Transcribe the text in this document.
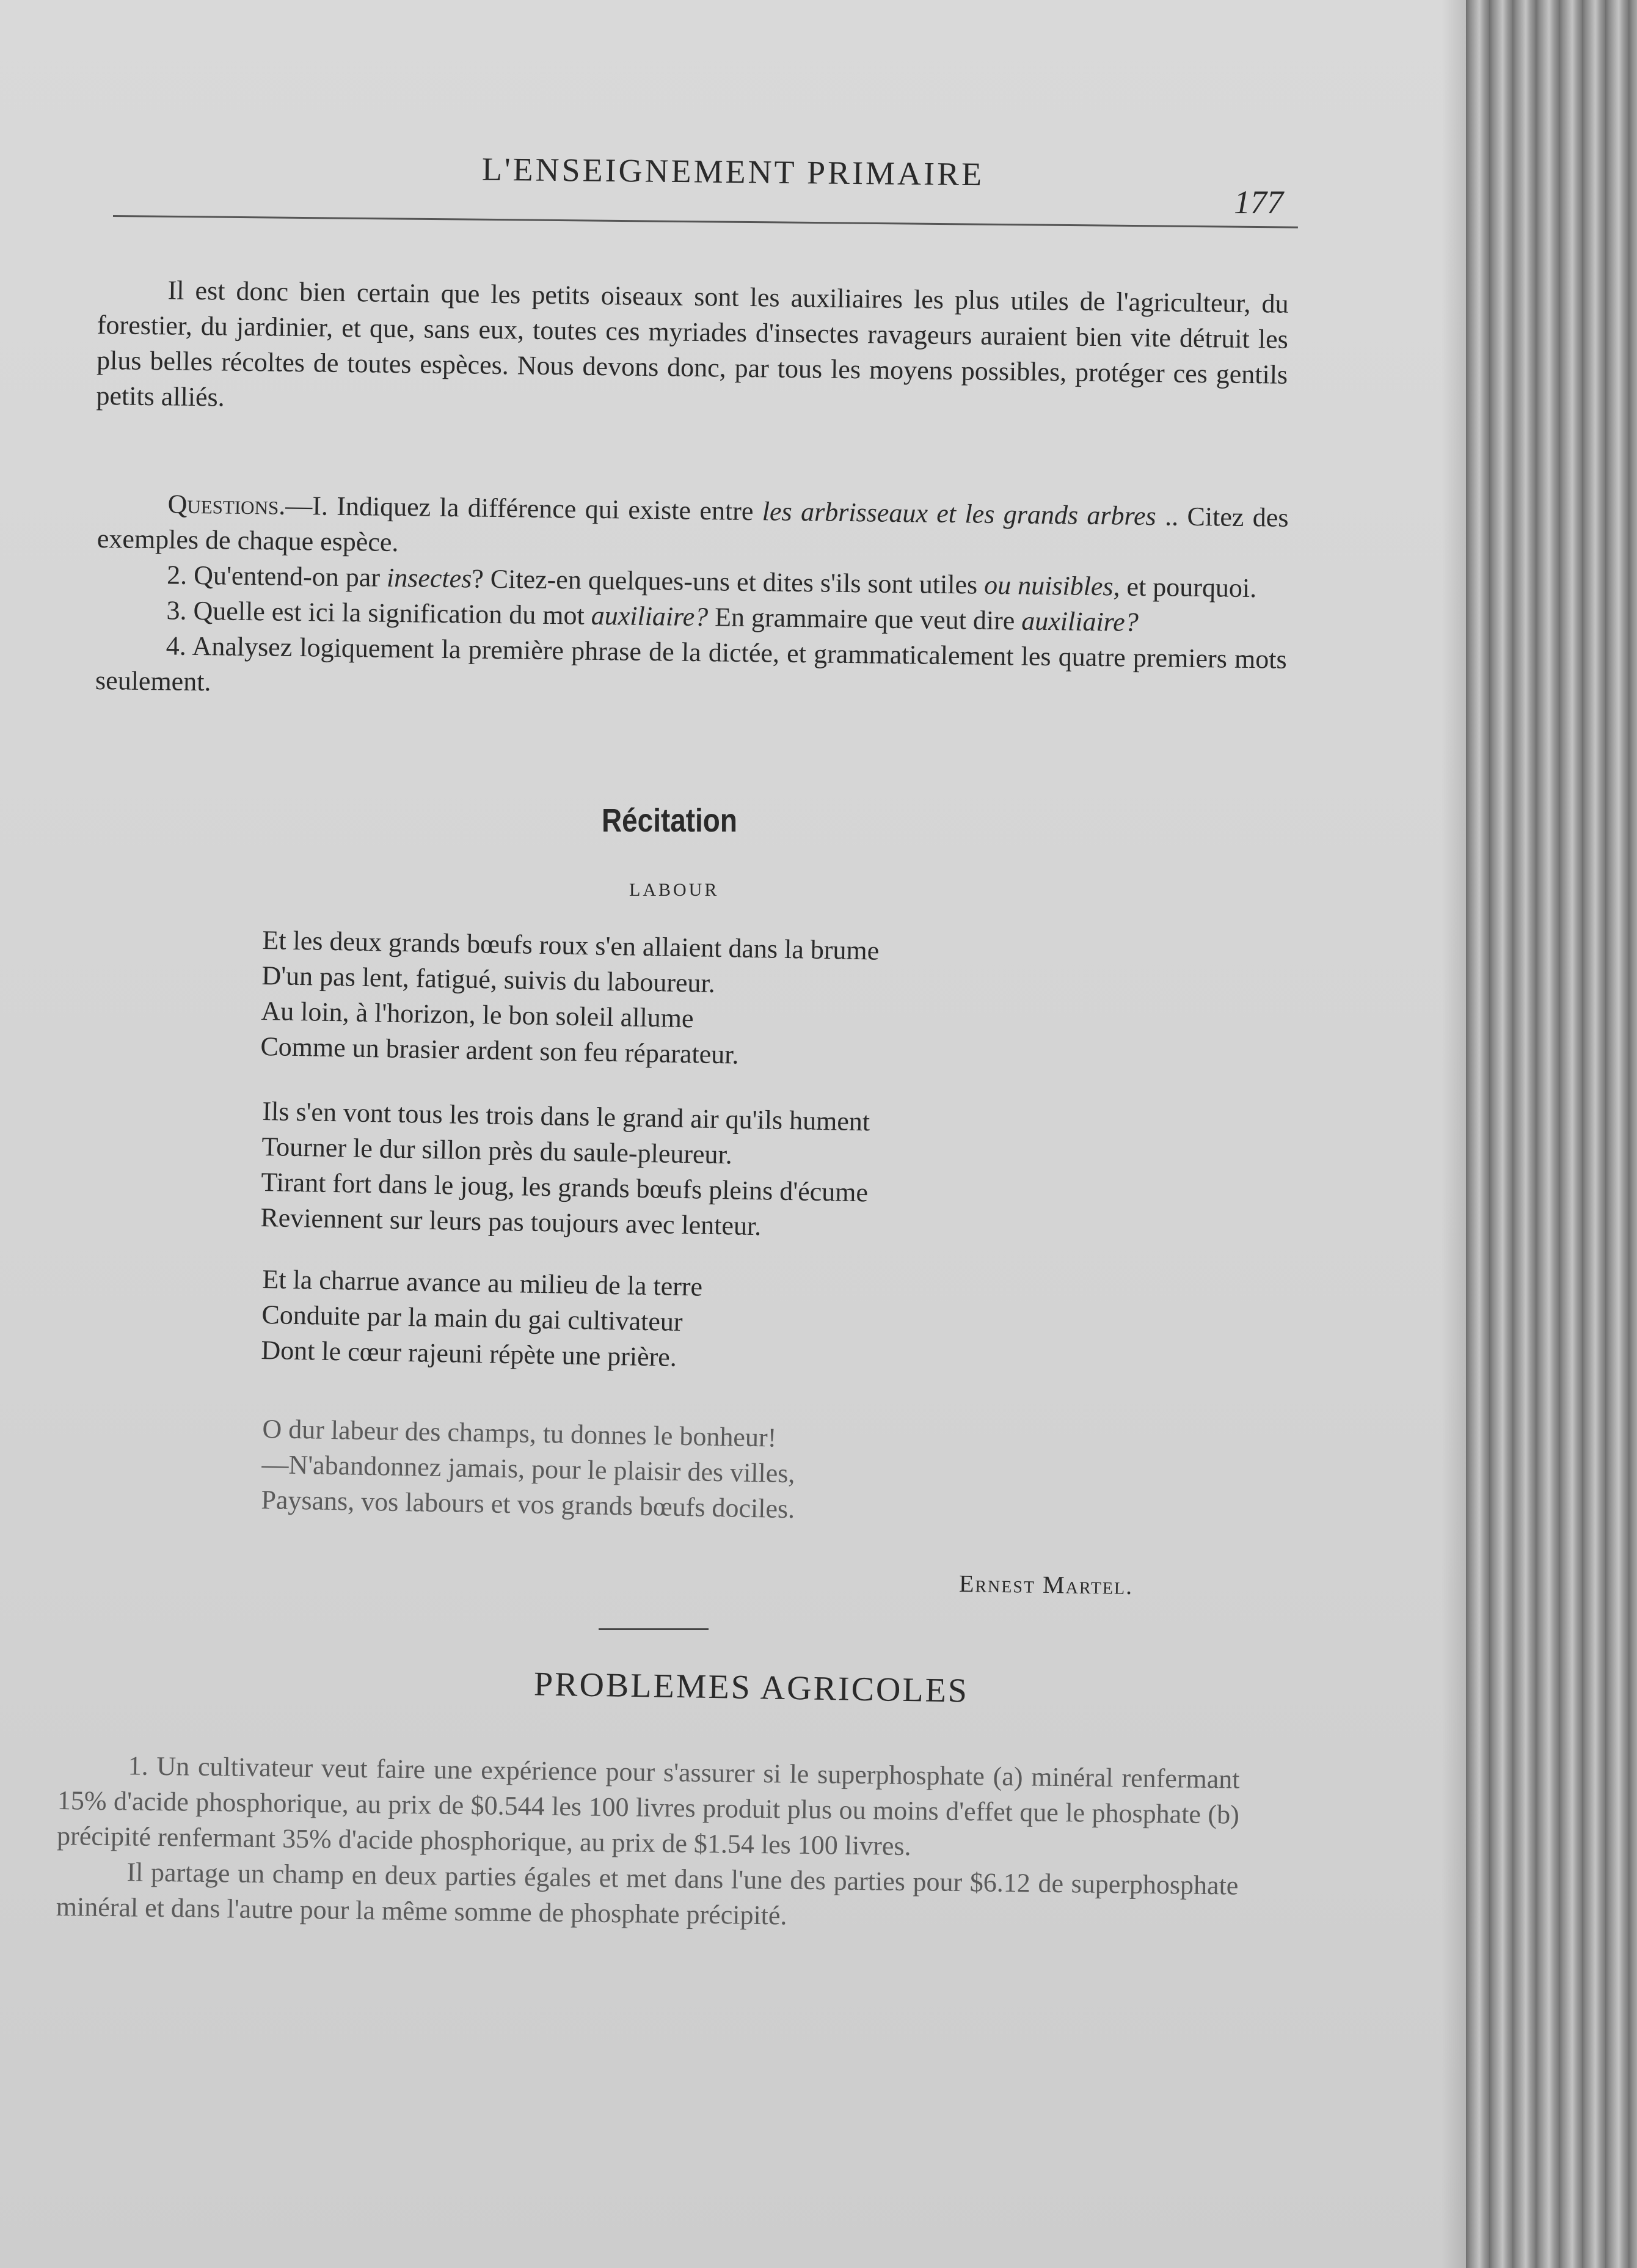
L'ENSEIGNEMENT PRIMAIRE
177

Il est donc bien certain que les petits oiseaux sont les auxiliaires les plus utiles de l'agriculteur, du forestier, du jardinier, et que, sans eux, toutes ces myriades d'insectes ravageurs auraient bien vite détruit les plus belles récoltes de toutes espèces. Nous devons donc, par tous les moyens possibles, protéger ces gentils petits alliés.

Questions.—I. Indiquez la différence qui existe entre les arbrisseaux et les grands arbres .. Citez des exemples de chaque espèce.

2. Qu'entend-on par insectes? Citez-en quelques-uns et dites s'ils sont utiles ou nuisibles, et pourquoi.

3. Quelle est ici la signification du mot auxiliaire? En grammaire que veut dire auxiliaire?

4. Analysez logiquement la première phrase de la dictée, et grammaticalement les quatre premiers mots seulement.

Récitation
LABOUR
Et les deux grands bœufs roux s'en allaient dans la brume
D'un pas lent, fatigué, suivis du laboureur.
Au loin, à l'horizon, le bon soleil allume
Comme un brasier ardent son feu réparateur.
Ils s'en vont tous les trois dans le grand air qu'ils hument
Tourner le dur sillon près du saule-pleureur.
Tirant fort dans le joug, les grands bœufs pleins d'écume
Reviennent sur leurs pas toujours avec lenteur.
Et la charrue avance au milieu de la terre
Conduite par la main du gai cultivateur
Dont le cœur rajeuni répète une prière.
O dur labeur des champs, tu donnes le bonheur!
—N'abandonnez jamais, pour le plaisir des villes,
Paysans, vos labours et vos grands bœufs dociles.
Ernest Martel.
PROBLEMES AGRICOLES

1. Un cultivateur veut faire une expérience pour s'assurer si le superphosphate (a) minéral renfermant 15% d'acide phosphorique, au prix de $0.544 les 100 livres produit plus ou moins d'effet que le phosphate (b) précipité renfermant 35% d'acide phosphorique, au prix de $1.54 les 100 livres.

Il partage un champ en deux parties égales et met dans l'une des parties pour $6.12 de superphosphate minéral et dans l'autre pour la même somme de phosphate précipité.
